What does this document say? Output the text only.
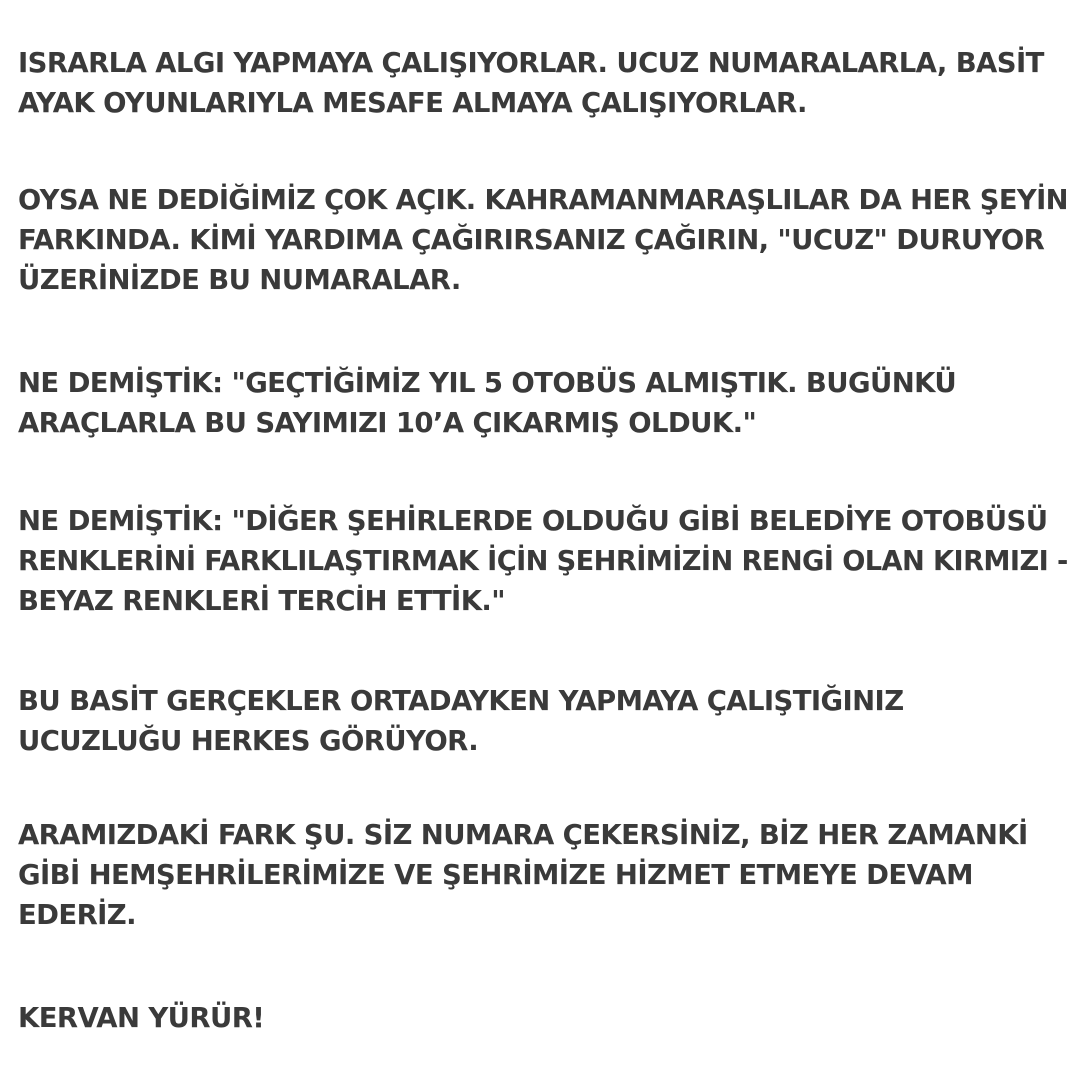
ISRARLA ALGI YAPMAYA ÇALIŞIYORLAR. UCUZ NUMARALARLA, BASİT
AYAK OYUNLARIYLA MESAFE ALMAYA ÇALIŞIYORLAR.

OYSA NE DEDİĞİMİZ ÇOK AÇIK. KAHRAMANMARAŞLILAR DA HER ŞEYİN
FARKINDA. KİMİ YARDIMA ÇAĞIRIRSANIZ ÇAĞIRIN, "UCUZ" DURUYOR
ÜZERİNİZDE BU NUMARALAR.

NE DEMİŞTİK: "GEÇTİĞİMİZ YIL 5 OTOBÜS ALMIŞTIK. BUGÜNKÜ
ARAÇLARLA BU SAYIMIZI 10’A ÇIKARMIŞ OLDUK."

NE DEMİŞTİK: "DİĞER ŞEHİRLERDE OLDUĞU GİBİ BELEDİYE OTOBÜSÜ
RENKLERİNİ FARKLILAŞTIRMAK İÇİN ŞEHRİMİZİN RENGİ OLAN KIRMIZI -
BEYAZ RENKLERİ TERCİH ETTİK."

BU BASİT GERÇEKLER ORTADAYKEN YAPMAYA ÇALIŞTIĞINIZ
UCUZLUĞU HERKES GÖRÜYOR.

ARAMIZDAKİ FARK ŞU. SİZ NUMARA ÇEKERSİNİZ, BİZ HER ZAMANKİ
GİBİ HEMŞEHRİLERİMİZE VE ŞEHRİMİZE HİZMET ETMEYE DEVAM
EDERİZ.

KERVAN YÜRÜR!
